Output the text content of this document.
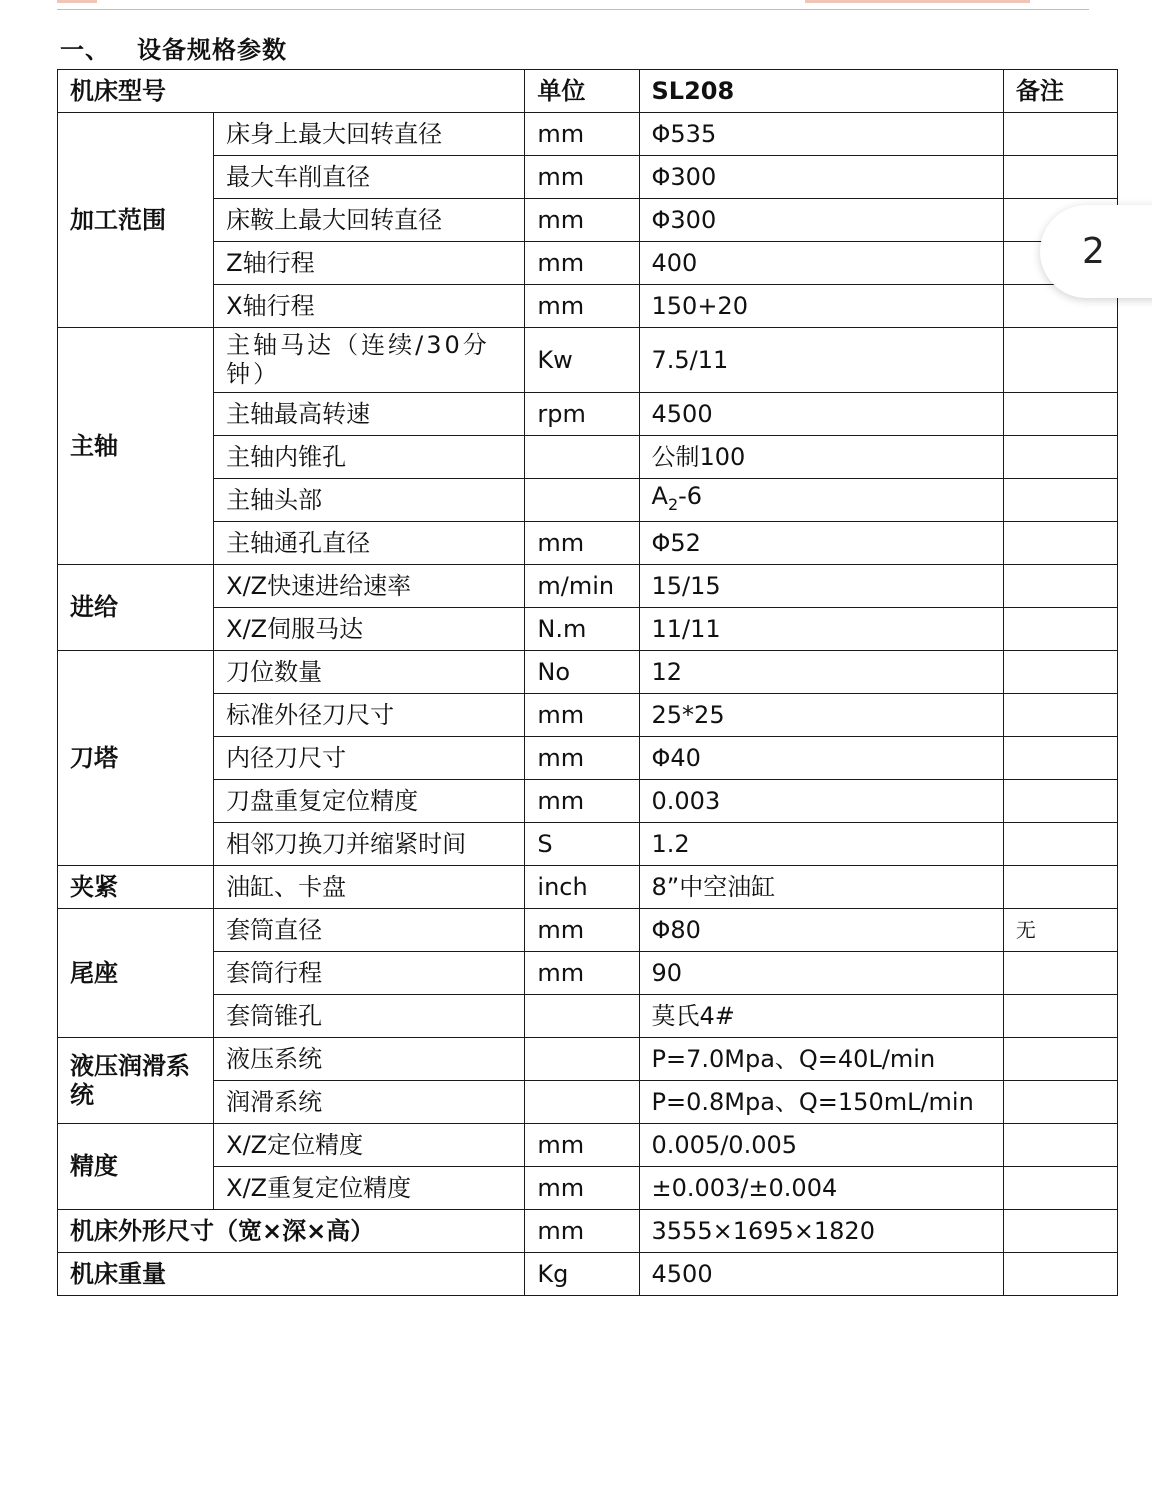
一、 设备规格参数
机床型号		单位	SL208	备注
加工范围	床身上最大回转直径	mm	Φ535	
	最大车削直径	mm	Φ300	
	床鞍上最大回转直径	mm	Φ300	
	Z轴行程	mm	400	
	X轴行程	mm	150+20	
主轴	主轴马达（连续/30分钟）	Kw	7.5/11	
	主轴最高转速	rpm	4500	
	主轴内锥孔		公制100	
	主轴头部		$A_2-6$	
	主轴通孔直径	mm	Φ52	
进给	X/Z快速进给速率	m/min	15/15	
	X/Z伺服马达	N.m	11/11	
刀塔	刀位数量	No	12	
	标准外径刀尺寸	mm	25*25	
	内径刀尺寸	mm	Φ40	
	刀盘重复定位精度	mm	0.003	
	相邻刀换刀并缩紧时间	S	1.2	
夹紧	油缸、卡盘	inch	8”中空油缸	
尾座	套筒直径	mm	Φ80	无
	套筒行程	mm	90	
	套筒锥孔		莫氏4#	
液压润滑系统	液压系统		P=7.0Mpa、Q=40L/min	
	润滑系统		P=0.8Mpa、Q=150mL/min	
精度	X/Z定位精度	mm	0.005/0.005	
	X/Z重复定位精度	mm	±0.003/±0.004	
机床外形尺寸（宽×深×高）		mm	3555×1695×1820	
机床重量		Kg	4500	
2
